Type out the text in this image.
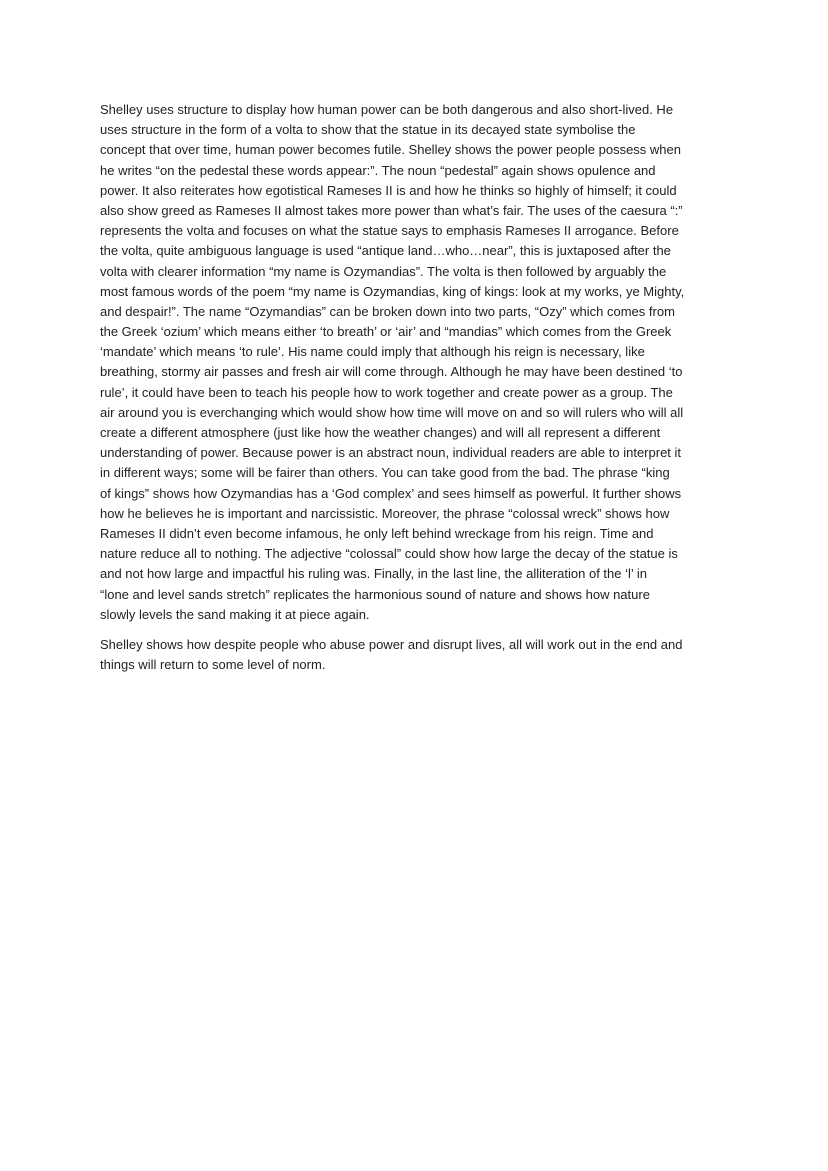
Shelley uses structure to display how human power can be both dangerous and also short-lived. He
uses structure in the form of a volta to show that the statue in its decayed state symbolise the
concept that over time, human power becomes futile. Shelley shows the power people possess when
he writes “on the pedestal these words appear:”. The noun “pedestal” again shows opulence and
power. It also reiterates how egotistical Rameses II is and how he thinks so highly of himself; it could
also show greed as Rameses II almost takes more power than what’s fair. The uses of the caesura “:”
represents the volta and focuses on what the statue says to emphasis Rameses II arrogance. Before
the volta, quite ambiguous language is used “antique land…who…near”, this is juxtaposed after the
volta with clearer information “my name is Ozymandias”. The volta is then followed by arguably the
most famous words of the poem “my name is Ozymandias, king of kings: look at my works, ye Mighty,
and despair!”. The name “Ozymandias” can be broken down into two parts, “Ozy” which comes from
the Greek ‘ozium’ which means either ‘to breath’ or ‘air’ and “mandias” which comes from the Greek
‘mandate’ which means ‘to rule’. His name could imply that although his reign is necessary, like
breathing, stormy air passes and fresh air will come through. Although he may have been destined ‘to
rule’, it could have been to teach his people how to work together and create power as a group. The
air around you is everchanging which would show how time will move on and so will rulers who will all
create a different atmosphere (just like how the weather changes) and will all represent a different
understanding of power. Because power is an abstract noun, individual readers are able to interpret it
in different ways; some will be fairer than others. You can take good from the bad. The phrase “king
of kings” shows how Ozymandias has a ‘God complex’ and sees himself as powerful. It further shows
how he believes he is important and narcissistic. Moreover, the phrase “colossal wreck” shows how
Rameses II didn’t even become infamous, he only left behind wreckage from his reign. Time and
nature reduce all to nothing. The adjective “colossal” could show how large the decay of the statue is
and not how large and impactful his ruling was. Finally, in the last line, the alliteration of the ‘l’ in
“lone and level sands stretch” replicates the harmonious sound of nature and shows how nature
slowly levels the sand making it at piece again.

Shelley shows how despite people who abuse power and disrupt lives, all will work out in the end and
things will return to some level of norm.
